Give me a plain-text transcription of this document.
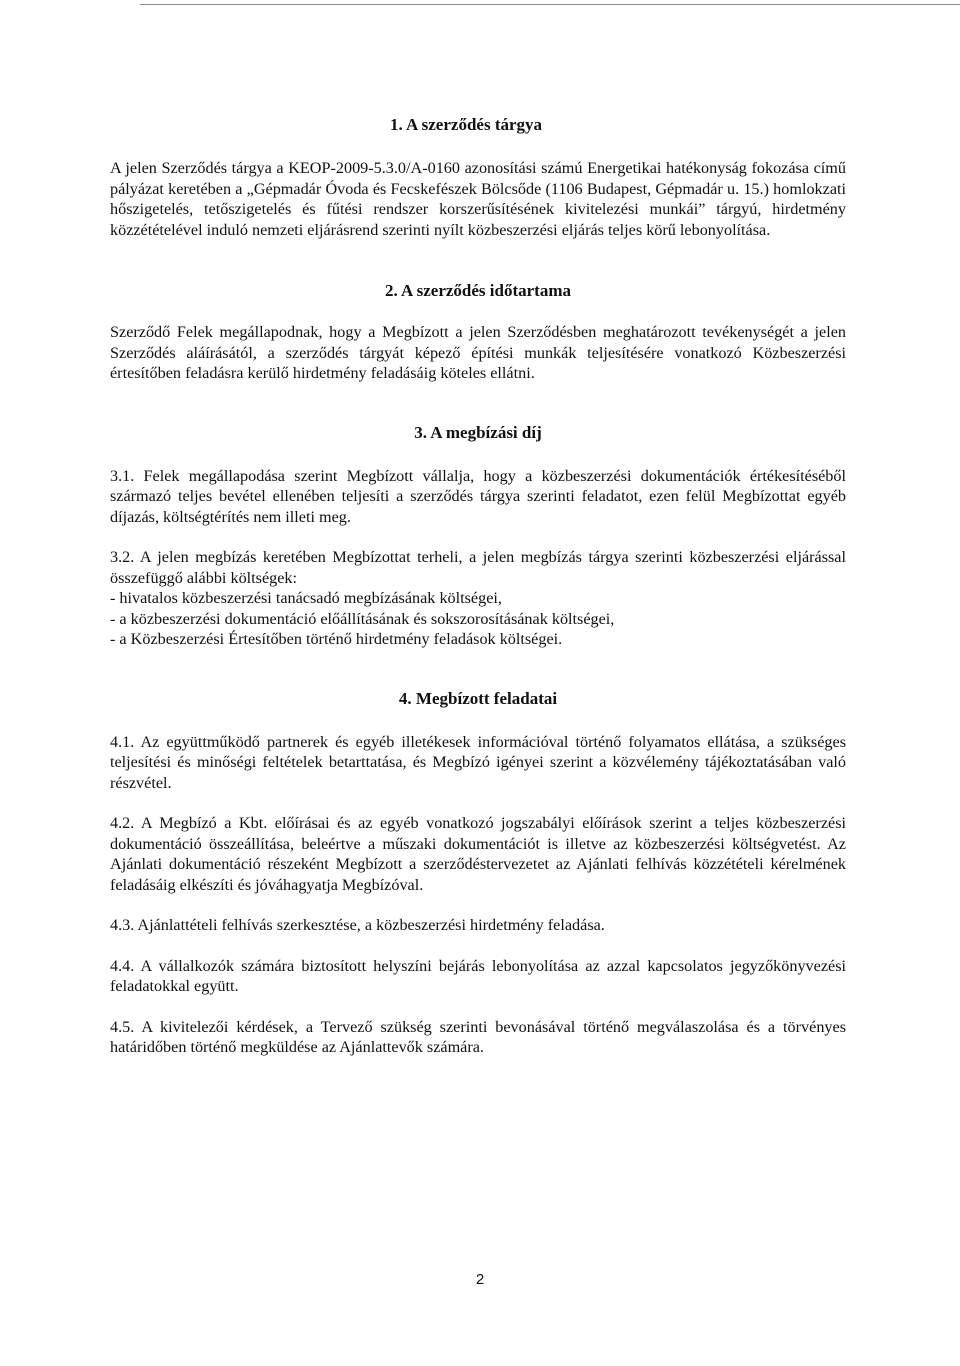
1. A szerződés tárgya

A jelen Szerződés tárgya a KEOP-2009-5.3.0/A-0160 azonosítási számú Energetikai hatékonyság fokozása című pályázat keretében a „Gépmadár Óvoda és Fecskefészek Bölcsőde (1106 Budapest, Gépmadár u. 15.) homlokzati hőszigetelés, tetőszigetelés és fűtési rendszer korszerűsítésének kivitelezési munkái” tárgyú, hirdetmény közzétételével induló nemzeti eljárásrend szerinti nyílt közbeszerzési eljárás teljes körű lebonyolítása.

2. A szerződés időtartama

Szerződő Felek megállapodnak, hogy a Megbízott a jelen Szerződésben meghatározott tevékenységét a jelen Szerződés aláírásától, a szerződés tárgyát képező építési munkák teljesítésére vonatkozó Közbeszerzési értesítőben feladásra kerülő hirdetmény feladásáig köteles ellátni.

3. A megbízási díj

3.1. Felek megállapodása szerint Megbízott vállalja, hogy a közbeszerzési dokumentációk értékesítéséből származó teljes bevétel ellenében teljesíti a szerződés tárgya szerinti feladatot, ezen felül Megbízottat egyéb díjazás, költségtérítés nem illeti meg.

3.2. A jelen megbízás keretében Megbízottat terheli, a jelen megbízás tárgya szerinti közbeszerzési eljárással összefüggő alábbi költségek:

- hivatalos közbeszerzési tanácsadó megbízásának költségei,

- a közbeszerzési dokumentáció előállításának és sokszorosításának költségei,

- a Közbeszerzési Értesítőben történő hirdetmény feladások költségei.

4. Megbízott feladatai

4.1. Az együttműködő partnerek és egyéb illetékesek információval történő folyamatos ellátása, a szükséges teljesítési és minőségi feltételek betarttatása, és Megbízó igényei szerint a közvélemény tájékoztatásában való részvétel.

4.2. A Megbízó a Kbt. előírásai és az egyéb vonatkozó jogszabályi előírások szerint a teljes közbeszerzési dokumentáció összeállítása, beleértve a műszaki dokumentációt is illetve az közbeszerzési költségvetést. Az Ajánlati dokumentáció részeként Megbízott a szerződéstervezetet az Ajánlati felhívás közzétételi kérelmének feladásáig elkészíti és jóváhagyatja Megbízóval.

4.3. Ajánlattételi felhívás szerkesztése, a közbeszerzési hirdetmény feladása.

4.4. A vállalkozók számára biztosított helyszíni bejárás lebonyolítása az azzal kapcsolatos jegyzőkönyvezési feladatokkal együtt.

4.5. A kivitelezői kérdések, a Tervező szükség szerinti bevonásával történő megválaszolása és a törvényes határidőben történő megküldése az Ajánlattevők számára.

2
